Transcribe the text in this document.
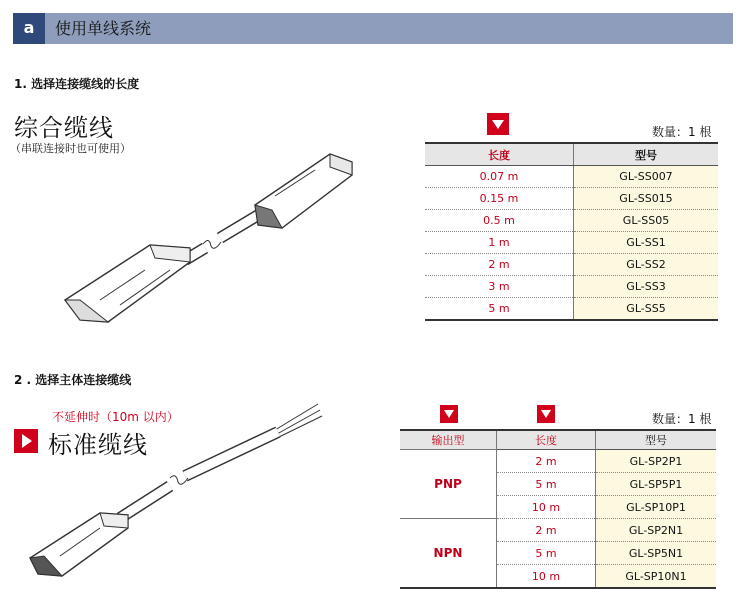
a	使用单线系统
1. 选择连接缆线的长度
综合缆线
（串联连接时也可使用）
数量：1 根
长度	型号
0.07 m	GL-SS007
0.15 m	GL-SS015
0.5 m	GL-SS05
1 m	GL-SS1
2 m	GL-SS2
3 m	GL-SS3
5 m	GL-SS5
2 . 选择主体连接缆线
不延伸时（10m 以内）
标准缆线
数量：1 根
输出型	长度	型号
PNP	2 m	GL-SP2P1
	5 m	GL-SP5P1
	10 m	GL-SP10P1
NPN	2 m	GL-SP2N1
	5 m	GL-SP5N1
	10 m	GL-SP10N1
